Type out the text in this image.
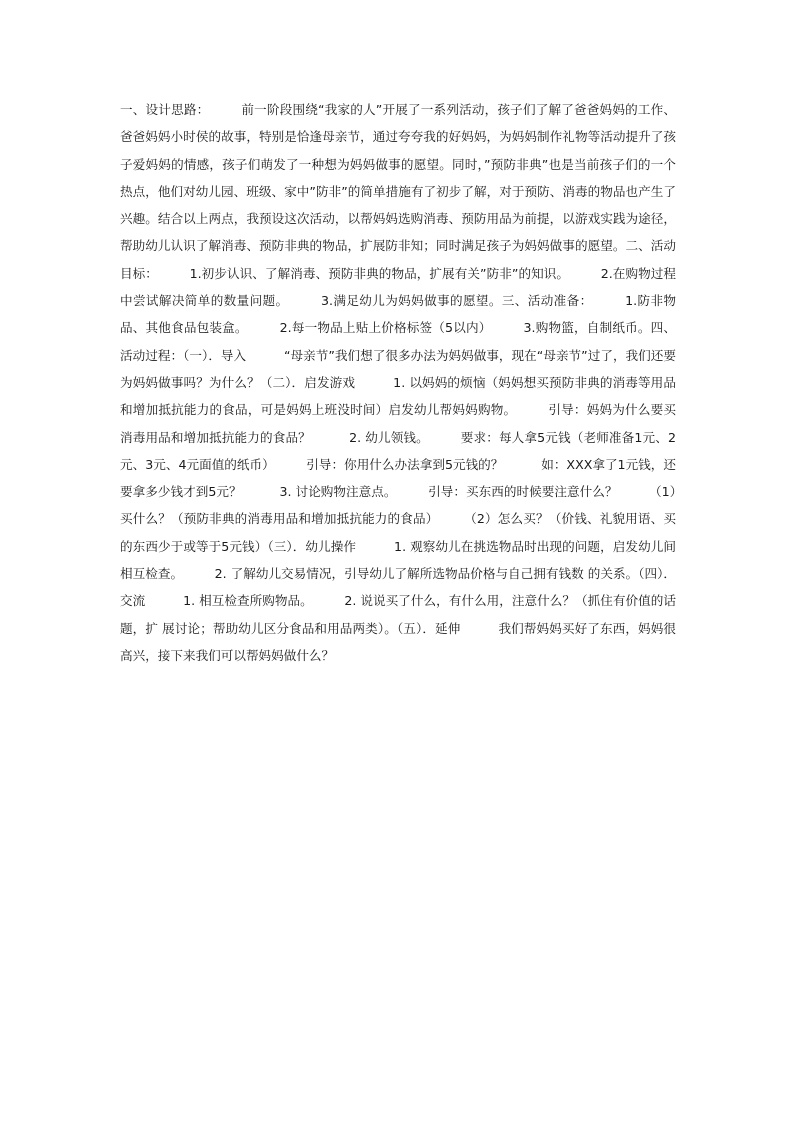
一、设计思路：　　　前一阶段围绕“我家的人”开展了一系列活动，孩子们了解了爸爸妈妈的工作、爸爸妈妈小时侯的故事，特别是恰逢母亲节，通过夸夸我的好妈妈，为妈妈制作礼物等活动提升了孩子爱妈妈的情感，孩子们萌发了一种想为妈妈做事的愿望。同时，”预防非典”也是当前孩子们的一个热点，他们对幼儿园、班级、家中”防非”的简单措施有了初步了解，对于预防、消毒的物品也产生了兴趣。结合以上两点，我预设这次活动，以帮妈妈选购消毒、预防用品为前提，以游戏实践为途径，帮助幼儿认识了解消毒、预防非典的物品，扩展防非知；同时满足孩子为妈妈做事的愿望。二、活动目标：　　　1.初步认识、了解消毒、预防非典的物品，扩展有关”防非”的知识。　　　2.在购物过程中尝试解决简单的数量问题。　　　3.满足幼儿为妈妈做事的愿望。三、活动准备：　　　1.防非物品、其他食品包装盒。　　　2.每一物品上贴上价格标签（5以内）　　　3.购物篮，自制纸币。四、活动过程：（一）．导入　　　“母亲节”我们想了很多办法为妈妈做事，现在“母亲节”过了，我们还要为妈妈做事吗？为什么？（二）．启发游戏　　　1. 以妈妈的烦恼（妈妈想买预防非典的消毒等用品和增加抵抗能力的食品，可是妈妈上班没时间）启发幼儿帮妈妈购物。　　　引导：妈妈为什么要买消毒用品和增加抵抗能力的食品？　　　2. 幼儿领钱。　　　要求：每人拿5元钱（老师准备1元、2元、3元、4元面值的纸币）　　　引导：你用什么办法拿到5元钱的？　　　如：XXX拿了1元钱，还要拿多少钱才到5元？　　　3. 讨论购物注意点。　　　引导：买东西的时候要注意什么？　　　（1）买什么？（预防非典的消毒用品和增加抵抗能力的食品）　　　（2）怎么买？（价钱、礼貌用语、买的东西少于或等于5元钱）（三）．幼儿操作　　　1. 观察幼儿在挑选物品时出现的问题，启发幼儿间相互检查。　　　2. 了解幼儿交易情况，引导幼儿了解所选物品价格与自己拥有钱数 的关系。（四）．交流　　　1. 相互检查所购物品。　　　2. 说说买了什么，有什么用，注意什么？（抓住有价值的话题，扩 展讨论；帮助幼儿区分食品和用品两类）。（五）．延伸　　　我们帮妈妈买好了东西，妈妈很高兴，接下来我们可以帮妈妈做什么？
